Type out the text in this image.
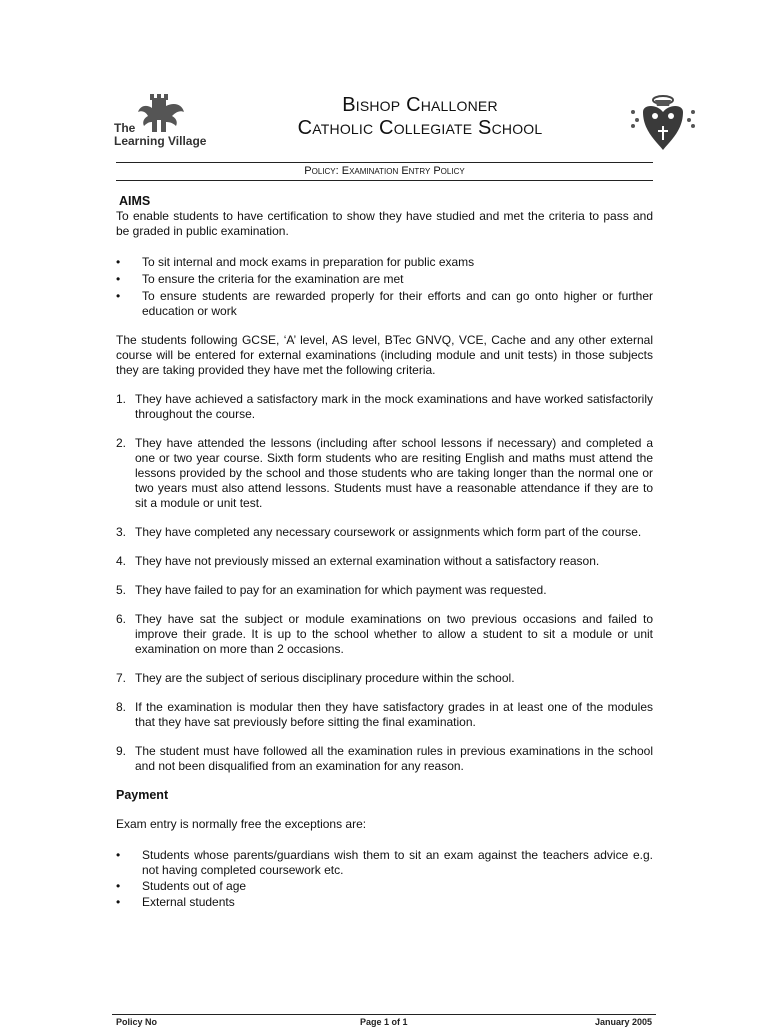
The
Learning Village
Bishop Challoner
Catholic Collegiate School
Policy: Examination Entry Policy

AIMS

To enable students to have certification to show they have studied and met the criteria to pass and be graded in public examination.

• To sit internal and mock exams in preparation for public exams
• To ensure the criteria for the examination are met
• To ensure students are rewarded properly for their efforts and can go onto higher or further education or work

The students following GCSE, ‘A’ level, AS level, BTec GNVQ, VCE, Cache and any other external course will be entered for external examinations (including module and unit tests) in those subjects they are taking provided they have met the following criteria.

1. They have achieved a satisfactory mark in the mock examinations and have worked satisfactorily throughout the course.
2. They have attended the lessons (including after school lessons if necessary) and completed a one or two year course. Sixth form students who are resiting English and maths must attend the lessons provided by the school and those students who are taking longer than the normal one or two years must also attend lessons. Students must have a reasonable attendance if they are to sit a module or unit test.
3. They have completed any necessary coursework or assignments which form part of the course.
4. They have not previously missed an external examination without a satisfactory reason.
5. They have failed to pay for an examination for which payment was requested.
6. They have sat the subject or module examinations on two previous occasions and failed to improve their grade. It is up to the school whether to allow a student to sit a module or unit examination on more than 2 occasions.
7. They are the subject of serious disciplinary procedure within the school.
8. If the examination is modular then they have satisfactory grades in at least one of the modules that they have sat previously before sitting the final examination.
9. The student must have followed all the examination rules in previous examinations in the school and not been disqualified from an examination for any reason.

Payment

Exam entry is normally free the exceptions are:

• Students whose parents/guardians wish them to sit an exam against the teachers advice e.g. not having completed coursework etc.
• Students out of age
• External students
Policy No	Page 1 of 1	January 2005
